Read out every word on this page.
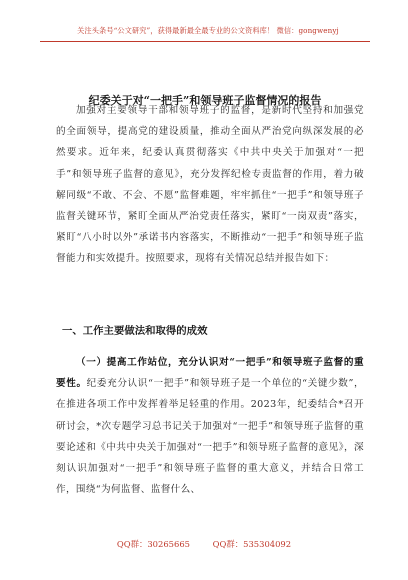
关注头条号“公文研究”，获得最新最全最专业的公文资料库！ 微信：gongwenyj
纪委关于对“一把手”和领导班子监督情况的报告
加强对主要领导干部和领导班子的监督，是新时代坚持和加强党的全面领导，提高党的建设质量，推动全面从严治党向纵深发展的必然要求。近年来，纪委认真贯彻落实《中共中央关于加强对“一把手”和领导班子监督的意见》，充分发挥纪检专责监督的作用，着力破解同级“不敢、不会、不愿”监督难题，牢牢抓住“一把手”和领导班子监督关键环节，紧盯全面从严治党责任落实，紧盯“一岗双责”落实，紧盯“八小时以外”承诺书内容落实，不断推动“一把手”和领导班子监督能力和实效提升。按照要求，现将有关情况总结并报告如下：
一、工作主要做法和取得的成效
（一）提高工作站位，充分认识对“一把手”和领导班子监督的重要性。纪委充分认识“一把手”和领导班子是一个单位的“关键少数”，在推进各项工作中发挥着举足轻重的作用。2023年，纪委结合*召开研讨会，*次专题学习总书记关于加强对“一把手”和领导班子监督的重要论述和《中共中央关于加强对“一把手”和领导班子监督的意见》，深刻认识加强对“一把手”和领导班子监督的重大意义，并结合日常工作，围绕“为何监督、监督什么、
QQ群：30265665	QQ群：535304092
